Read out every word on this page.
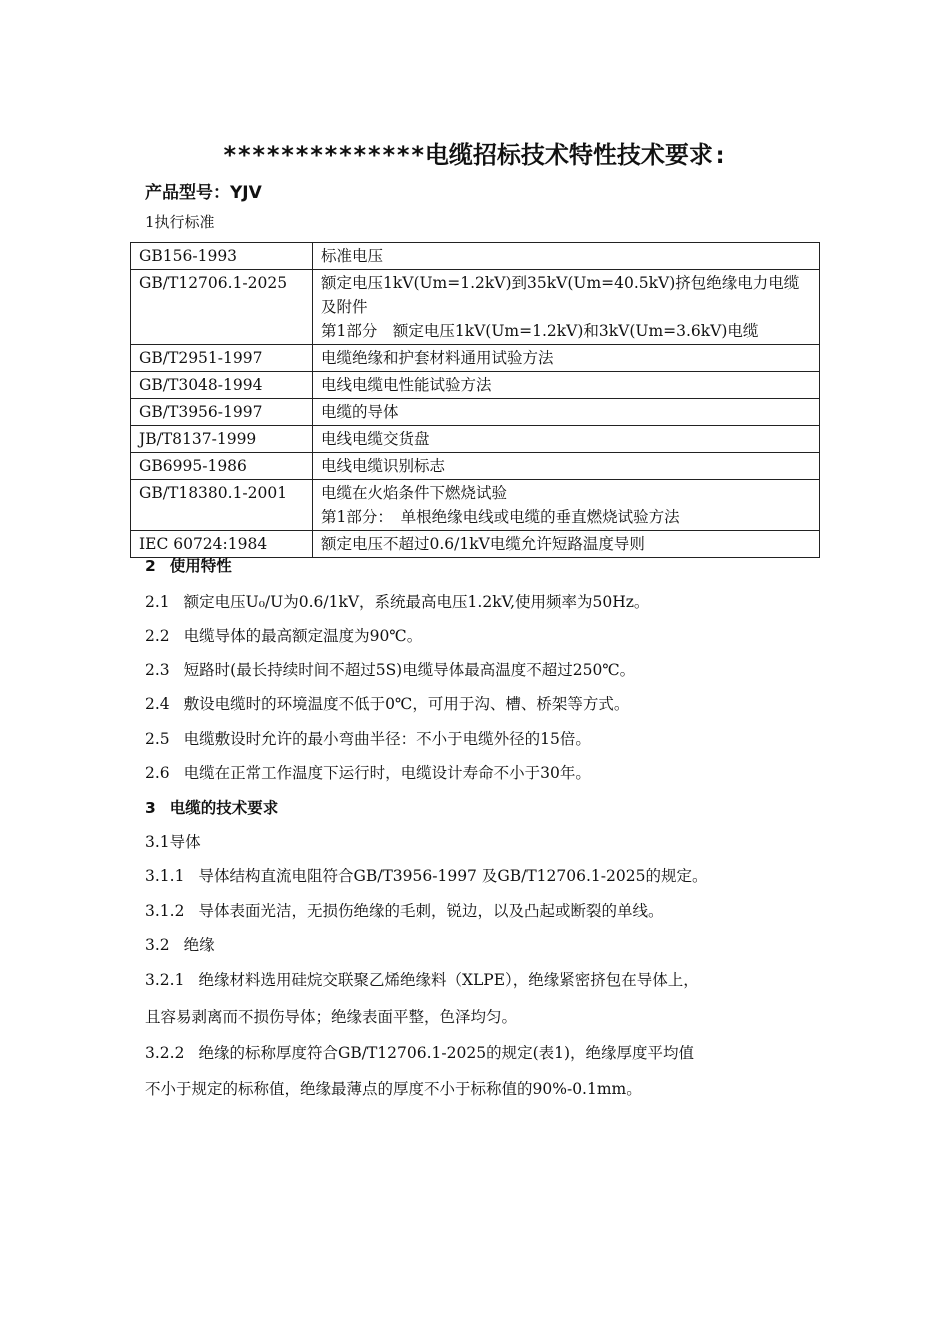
**************电缆招标技术特性技术要求:
产品型号：YJV
1执行标准
GB156-1993	标准电压

GB/T12706.1-2025	额定电压1kV(Um=1.2kV)到35kV(Um=40.5kV)挤包绝缘电力电缆及附件
第1部分　额定电压1kV(Um=1.2kV)和3kV(Um=3.6kV)电缆

GB/T2951-1997	电缆绝缘和护套材料通用试验方法

GB/T3048-1994	电线电缆电性能试验方法

GB/T3956-1997	电缆的导体

JB/T8137-1999	电线电缆交货盘

GB6995-1986	电线电缆识别标志

GB/T18380.1-2001	电缆在火焰条件下燃烧试验
第1部分：　单根绝缘电线或电缆的垂直燃烧试验方法

IEC 60724:1984	额定电压不超过0.6/1kV电缆允许短路温度导则
2 使用特性
2.1 额定电压U₀/U为0.6/1kV，系统最高电压1.2kV,使用频率为50Hz。
2.2 电缆导体的最高额定温度为90℃。
2.3 短路时(最长持续时间不超过5S)电缆导体最高温度不超过250℃。
2.4 敷设电缆时的环境温度不低于0℃，可用于沟、槽、桥架等方式。
2.5 电缆敷设时允许的最小弯曲半径：不小于电缆外径的15倍。
2.6 电缆在正常工作温度下运行时，电缆设计寿命不小于30年。
3 电缆的技术要求
3.1导体
3.1.1 导体结构直流电阻符合GB/T3956-1997 及GB/T12706.1-2025的规定。
3.1.2 导体表面光洁，无损伤绝缘的毛刺，锐边，以及凸起或断裂的单线。
3.2 绝缘
3.2.1 绝缘材料选用硅烷交联聚乙烯绝缘料（XLPE），绝缘紧密挤包在导体上，
且容易剥离而不损伤导体；绝缘表面平整，色泽均匀。
3.2.2 绝缘的标称厚度符合GB/T12706.1-2025的规定(表1)，绝缘厚度平均值
不小于规定的标称值，绝缘最薄点的厚度不小于标称值的90%-0.1mm。
